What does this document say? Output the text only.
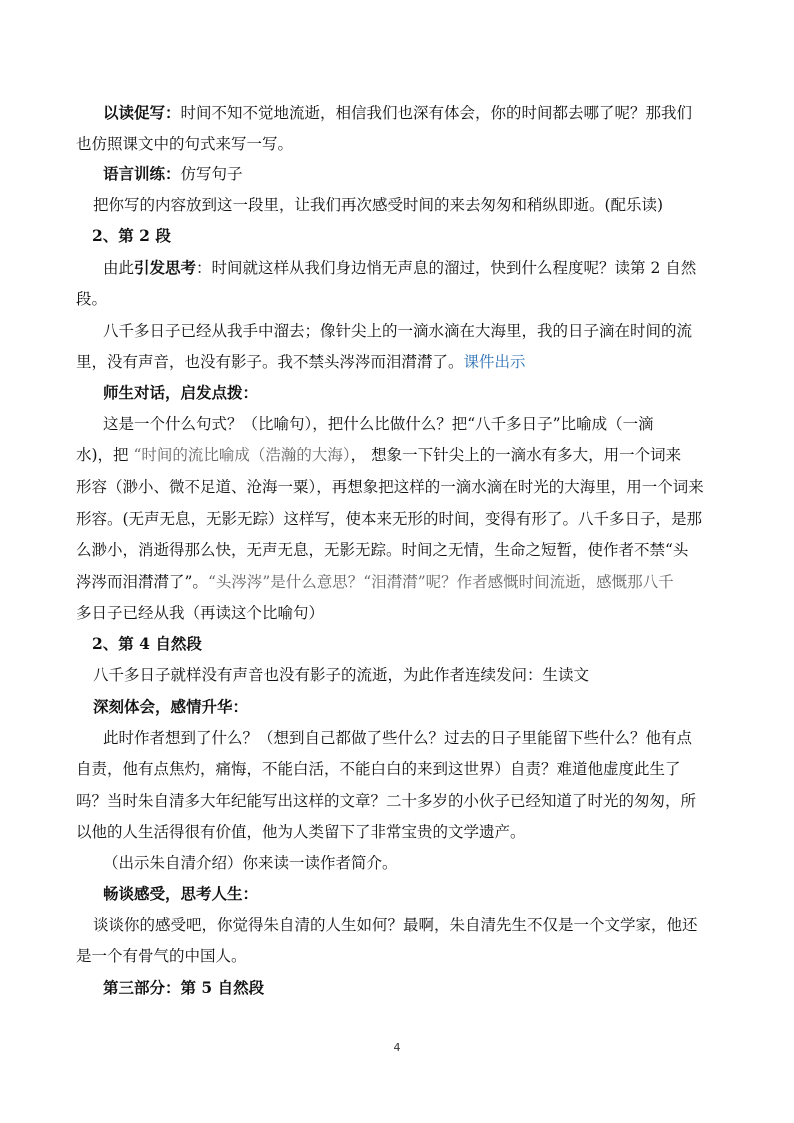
以读促写：时间不知不觉地流逝，相信我们也深有体会，你的时间都去哪了呢？那我们
也仿照课文中的句式来写一写。
语言训练：仿写句子
把你写的内容放到这一段里，让我们再次感受时间的来去匆匆和稍纵即逝。(配乐读)
2、第 2 段
由此引发思考：时间就这样从我们身边悄无声息的溜过，快到什么程度呢？读第 2 自然
段。
八千多日子已经从我手中溜去；像针尖上的一滴水滴在大海里，我的日子滴在时间的流
里，没有声音，也没有影子。我不禁头涔涔而泪潸潸了。课件出示
师生对话，启发点拨：
这是一个什么句式？（比喻句），把什么比做什么？把“八千多日子”比喻成（一滴
水)，把 “时间的流比喻成（浩瀚的大海）， 想象一下针尖上的一滴水有多大，用一个词来
形容（渺小、微不足道、沧海一粟），再想象把这样的一滴水滴在时光的大海里，用一个词来
形容。(无声无息，无影无踪）这样写，使本来无形的时间，变得有形了。八千多日子，是那
么渺小，消逝得那么快，无声无息，无影无踪。时间之无情，生命之短暂，使作者不禁“头
涔涔而泪潸潸了”。“头涔涔”是什么意思？“泪潸潸”呢？作者感慨时间流逝，感慨那八千
多日子已经从我（再读这个比喻句）
2、第 4 自然段
八千多日子就样没有声音也没有影子的流逝，为此作者连续发问：生读文
深刻体会，感情升华：
此时作者想到了什么？（想到自己都做了些什么？过去的日子里能留下些什么？他有点
自责，他有点焦灼，痛悔，不能白活，不能白白的来到这世界）自责？难道他虚度此生了
吗？当时朱自清多大年纪能写出这样的文章？二十多岁的小伙子已经知道了时光的匆匆，所
以他的人生活得很有价值，他为人类留下了非常宝贵的文学遗产。
（出示朱自清介绍）你来读一读作者简介。
畅谈感受，思考人生：
谈谈你的感受吧，你觉得朱自清的人生如何？最啊，朱自清先生不仅是一个文学家，他还
是一个有骨气的中国人。
第三部分：第 5 自然段
4
